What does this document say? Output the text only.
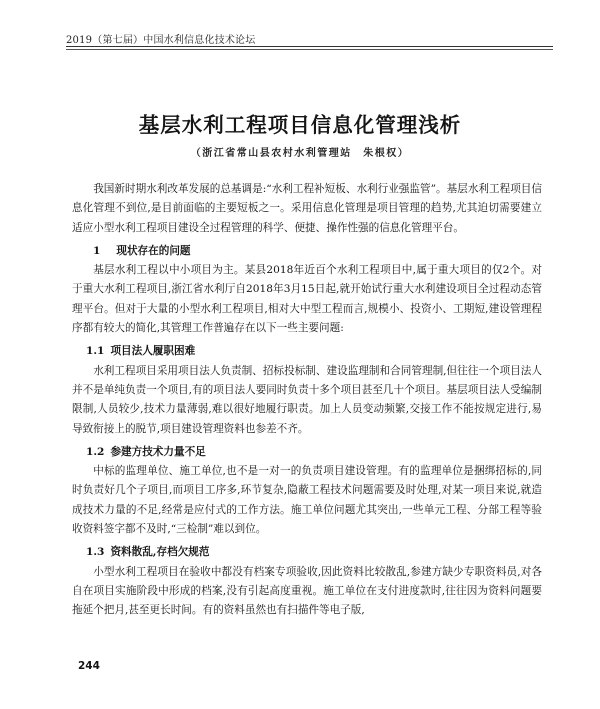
2019（第七届）中国水利信息化技术论坛
基层水利工程项目信息化管理浅析
（浙江省常山县农村水利管理站　朱根权）

我国新时期水利改革发展的总基调是:“水利工程补短板、水利行业强监管”。基层水利工程项目信息化管理不到位,是目前面临的主要短板之一。采用信息化管理是项目管理的趋势,尤其迫切需要建立适应小型水利工程项目建设全过程管理的科学、便捷、操作性强的信息化管理平台。

1 现状存在的问题

基层水利工程以中小项目为主。某县2018年近百个水利工程项目中,属于重大项目的仅2个。对于重大水利工程项目,浙江省水利厅自2018年3月15日起,就开始试行重大水利建设项目全过程动态管理平台。但对于大量的小型水利工程项目,相对大中型工程而言,规模小、投资小、工期短,建设管理程序都有较大的简化,其管理工作普遍存在以下一些主要问题:

1.1 项目法人履职困难

水利工程项目采用项目法人负责制、招标投标制、建设监理制和合同管理制,但往往一个项目法人并不是单纯负责一个项目,有的项目法人要同时负责十多个项目甚至几十个项目。基层项目法人受编制限制,人员较少,技术力量薄弱,难以很好地履行职责。加上人员变动频繁,交接工作不能按规定进行,易导致衔接上的脱节,项目建设管理资料也参差不齐。

1.2 参建方技术力量不足

中标的监理单位、施工单位,也不是一对一的负责项目建设管理。有的监理单位是捆绑招标的,同时负责好几个子项目,而项目工序多,环节复杂,隐蔽工程技术问题需要及时处理,对某一项目来说,就造成技术力量的不足,经常是应付式的工作方法。施工单位问题尤其突出,一些单元工程、分部工程等验收资料签字都不及时,“三检制”难以到位。

1.3 资料散乱,存档欠规范

小型水利工程项目在验收中都没有档案专项验收,因此资料比较散乱,参建方缺少专职资料员,对各自在项目实施阶段中形成的档案,没有引起高度重视。施工单位在支付进度款时,往往因为资料问题要拖延个把月,甚至更长时间。有的资料虽然也有扫描件等电子版,

244
